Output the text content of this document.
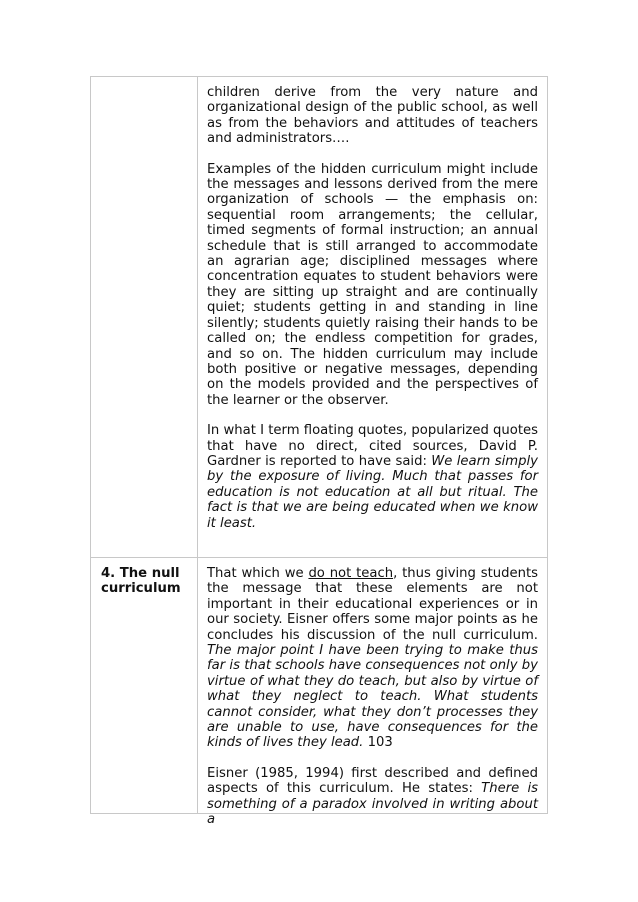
children derive from the very nature and organizational design of the public school, as well as from the behaviors and attitudes of teachers and administrators….

Examples of the hidden curriculum might include the messages and lessons derived from the mere organization of schools — the emphasis on: sequential room arrangements; the cellular, timed segments of formal instruction; an annual schedule that is still arranged to accommodate an agrarian age; disciplined messages where concentration equates to student behaviors were they are sitting up straight and are continually quiet; students getting in and standing in line silently; students quietly raising their hands to be called on; the endless competition for grades, and so on. The hidden curriculum may include both positive or negative messages, depending on the models provided and the perspectives of the learner or the observer.

In what I term floating quotes, popularized quotes that have no direct, cited sources, David P. Gardner is reported to have said: We learn simply by the exposure of living. Much that passes for education is not education at all but ritual. The fact is that we are being educated when we know it least.

4. The null curriculum

That which we do not teach, thus giving students the message that these elements are not important in their educational experiences or in our society. Eisner offers some major points as he concludes his discussion of the null curriculum. The major point I have been trying to make thus far is that schools have consequences not only by virtue of what they do teach, but also by virtue of what they neglect to teach. What students cannot consider, what they don’t processes they are unable to use, have consequences for the kinds of lives they lead. 103

Eisner (1985, 1994) first described and defined aspects of this curriculum. He states: There is something of a paradox involved in writing about a
